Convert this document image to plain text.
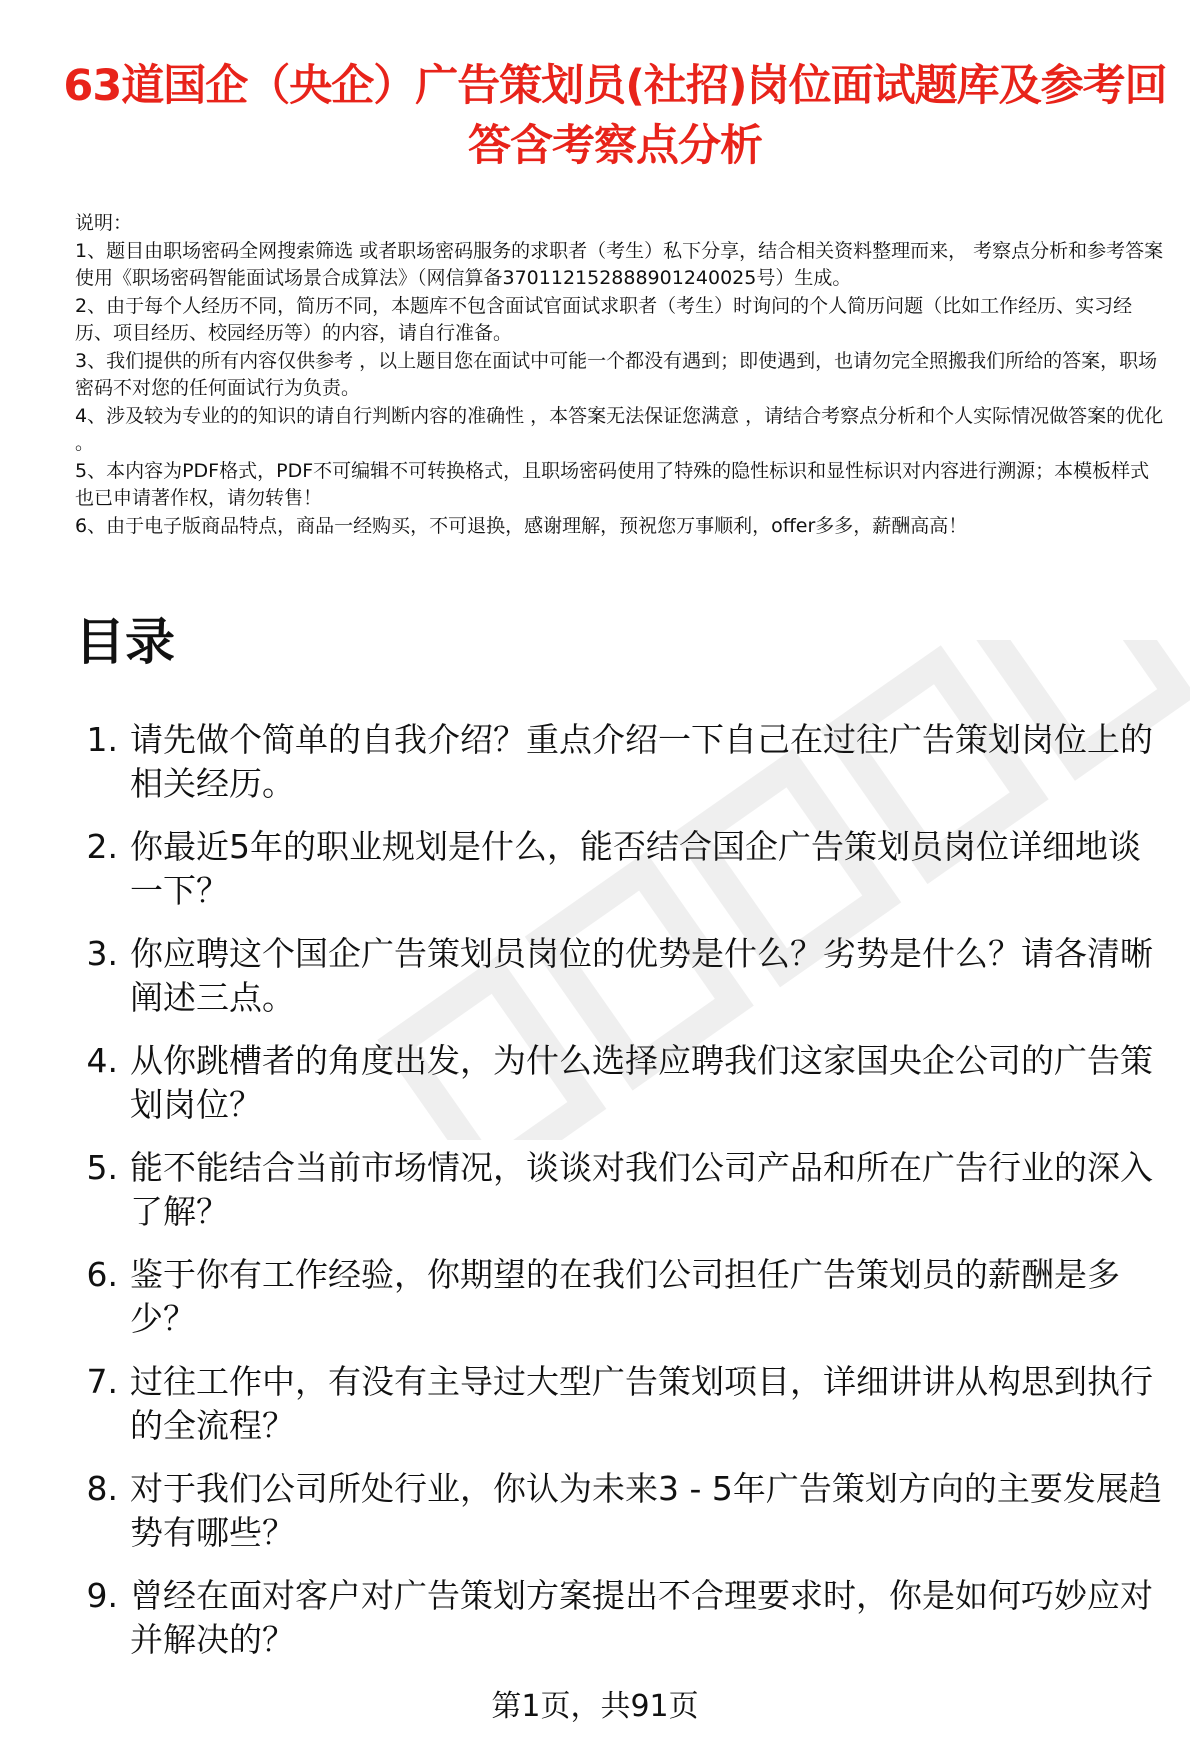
63道国企（央企）广告策划员(社招)岗位面试题库及参考回答含考察点分析

说明：

1、题目由职场密码全网搜索筛选 或者职场密码服务的求职者（考生）私下分享，结合相关资料整理而来， 考察点分析和参考答案使用《职场密码智能面试场景合成算法》（网信算备370112152888901240025号）生成。

2、由于每个人经历不同，简历不同，本题库不包含面试官面试求职者（考生）时询问的个人简历问题（比如工作经历、实习经历、项目经历、校园经历等）的内容，请自行准备。

3、我们提供的所有内容仅供参考 ，以上题目您在面试中可能一个都没有遇到；即使遇到，也请勿完全照搬我们所给的答案，职场密码不对您的任何面试行为负责。

4、涉及较为专业的的知识的请自行判断内容的准确性 ，本答案无法保证您满意 ，请结合考察点分析和个人实际情况做答案的优化 。

5、本内容为PDF格式，PDF不可编辑不可转换格式，且职场密码使用了特殊的隐性标识和显性标识对内容进行溯源；本模板样式也已申请著作权，请勿转售！

6、由于电子版商品特点，商品一经购买，不可退换，感谢理解，预祝您万事顺利，offer多多，薪酬高高！

目录
1. 请先做个简单的自我介绍？重点介绍一下自己在过往广告策划岗位上的相关经历。
2. 你最近5年的职业规划是什么，能否结合国企广告策划员岗位详细地谈一下？
3. 你应聘这个国企广告策划员岗位的优势是什么？劣势是什么？请各清晰阐述三点。
4. 从你跳槽者的角度出发，为什么选择应聘我们这家国央企公司的广告策划岗位？
5. 能不能结合当前市场情况，谈谈对我们公司产品和所在广告行业的深入了解？
6. 鉴于你有工作经验，你期望的在我们公司担任广告策划员的薪酬是多少？
7. 过往工作中，有没有主导过大型广告策划项目，详细讲讲从构思到执行的全流程？
8. 对于我们公司所处行业，你认为未来3 - 5年广告策划方向的主要发展趋势有哪些？
9. 曾经在面对客户对广告策划方案提出不合理要求时，你是如何巧妙应对并解决的？
第1页，共91页
